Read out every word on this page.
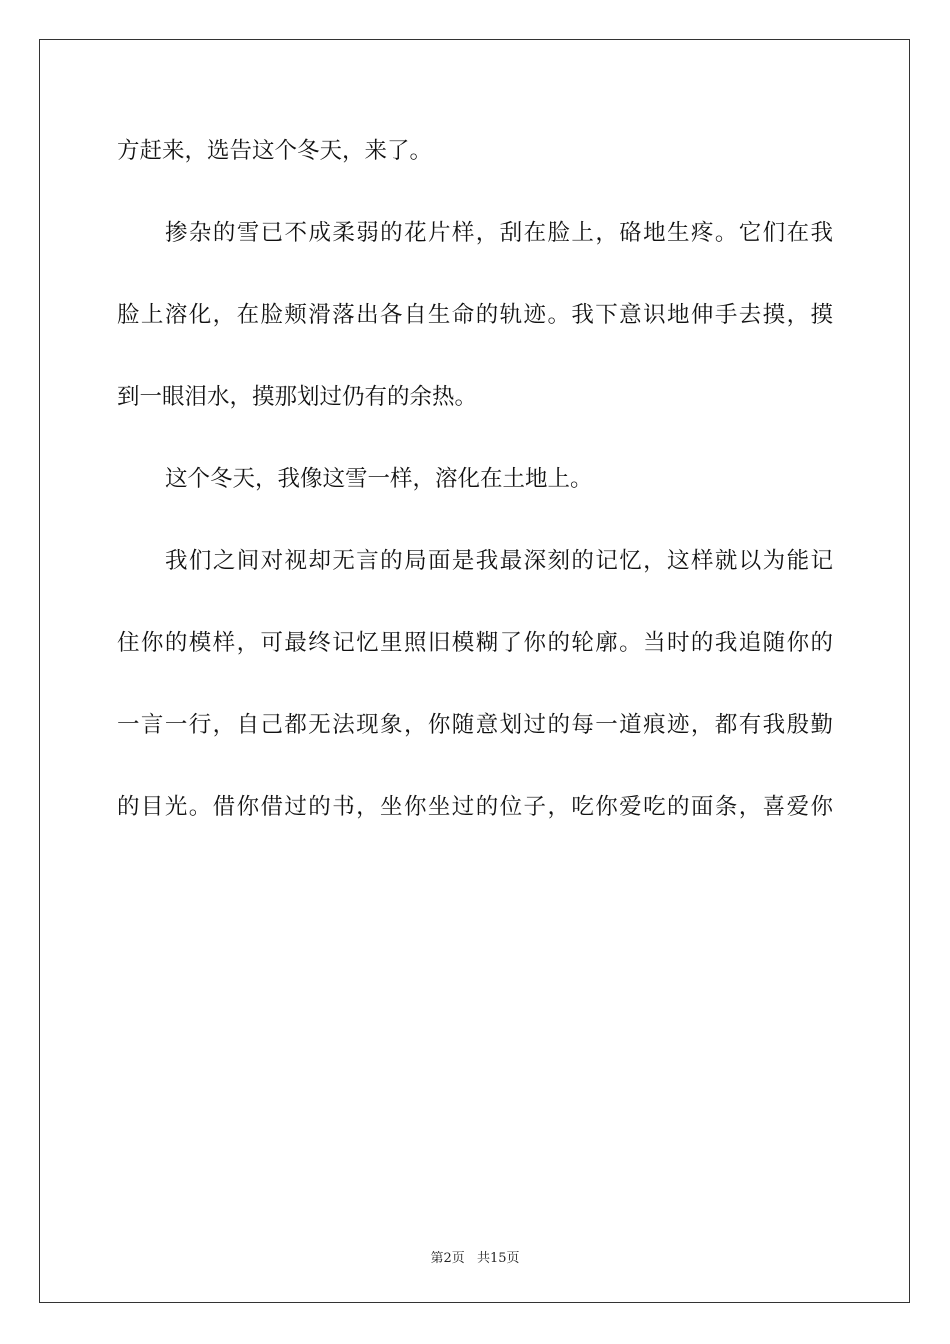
方赶来，选告这个冬天，来了。
掺杂的雪已不成柔弱的花片样，刮在脸上，硌地生疼。它们在我
脸上溶化，在脸颊滑落出各自生命的轨迹。我下意识地伸手去摸，摸
到一眼泪水，摸那划过仍有的余热。
这个冬天，我像这雪一样，溶化在土地上。
我们之间对视却无言的局面是我最深刻的记忆，这样就以为能记
住你的模样，可最终记忆里照旧模糊了你的轮廓。当时的我追随你的
一言一行，自己都无法现象，你随意划过的每一道痕迹，都有我殷勤
的目光。借你借过的书，坐你坐过的位子，吃你爱吃的面条，喜爱你
第2页 共15页
